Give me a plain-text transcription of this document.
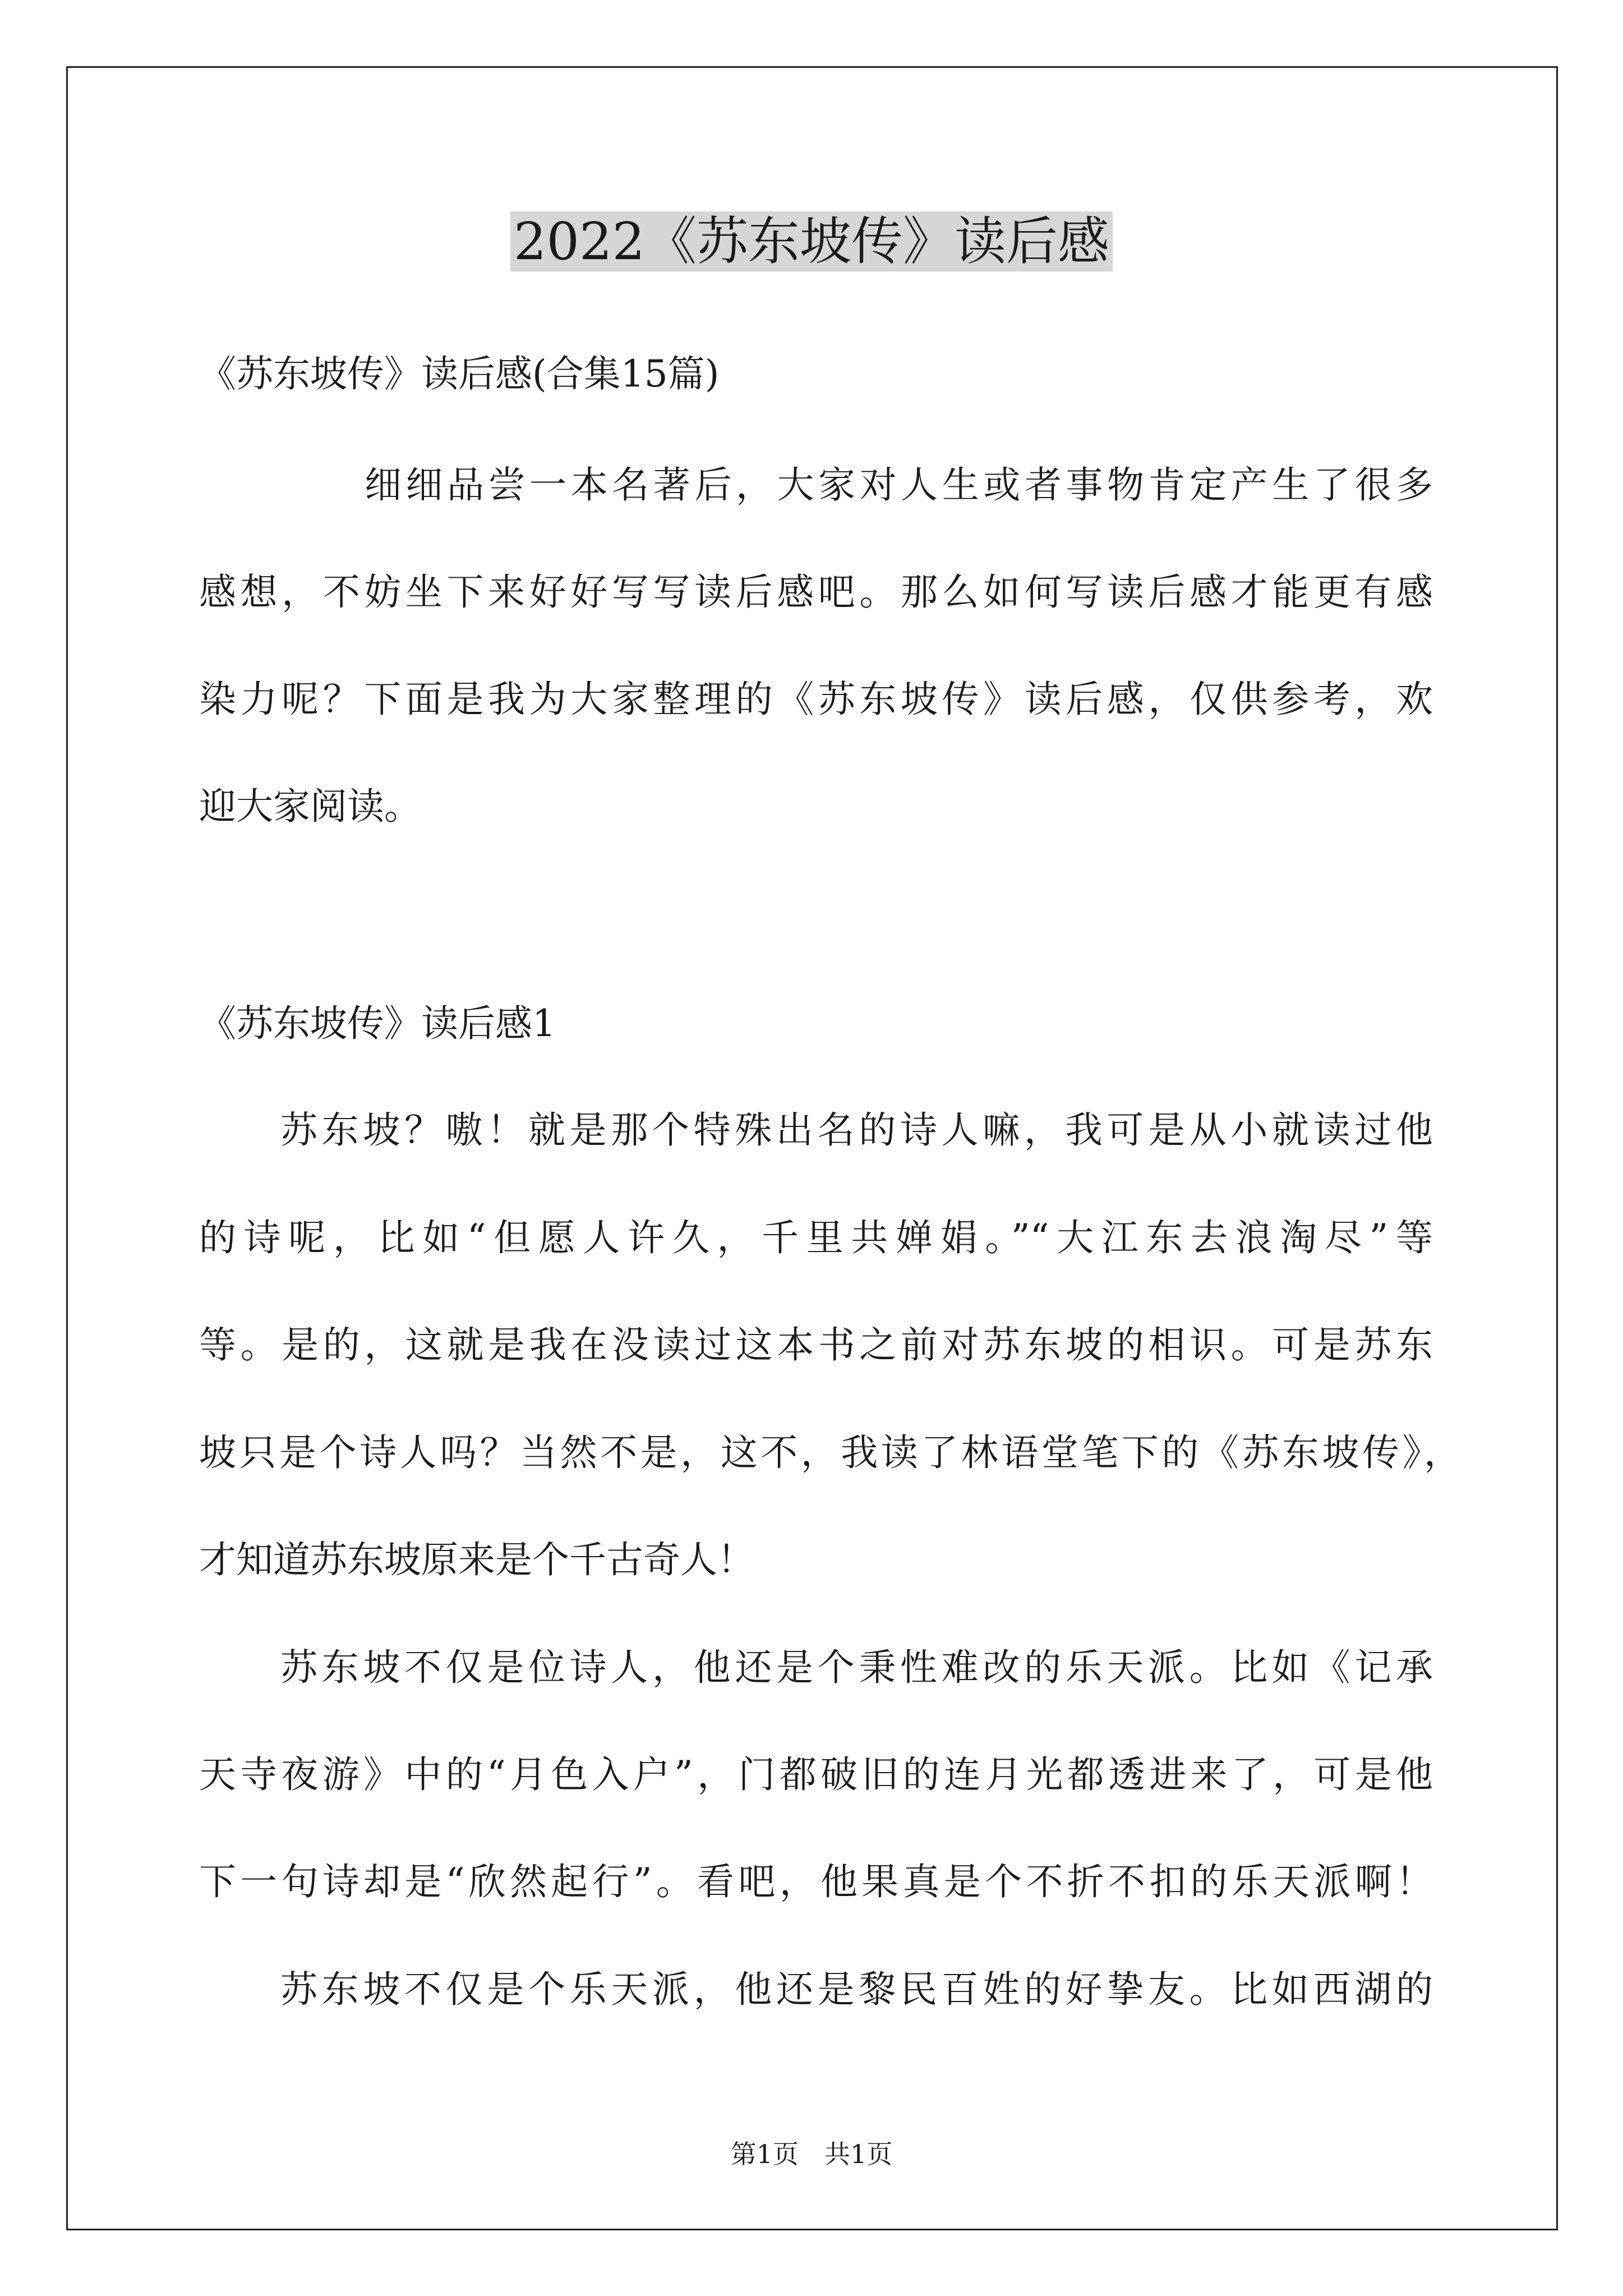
2022《苏东坡传》读后感
《苏东坡传》读后感(合集15篇)
细细品尝一本名著后，大家对人生或者事物肯定产生了很多
感想，不妨坐下来好好写写读后感吧。那么如何写读后感才能更有感
染力呢？下面是我为大家整理的《苏东坡传》读后感，仅供参考，欢
迎大家阅读。
《苏东坡传》读后感1
苏东坡？嗷！就是那个特殊出名的诗人嘛，我可是从小就读过他
的诗呢，比如“但愿人许久，千里共婵娟。”“大江东去浪淘尽”等
等。是的，这就是我在没读过这本书之前对苏东坡的相识。可是苏东
坡只是个诗人吗？当然不是，这不，我读了林语堂笔下的《苏东坡传》，
才知道苏东坡原来是个千古奇人！
苏东坡不仅是位诗人，他还是个秉性难改的乐天派。比如《记承
天寺夜游》中的“月色入户”，门都破旧的连月光都透进来了，可是他
下一句诗却是“欣然起行”。看吧，他果真是个不折不扣的乐天派啊！
苏东坡不仅是个乐天派，他还是黎民百姓的好挚友。比如西湖的
第1页　共1页
